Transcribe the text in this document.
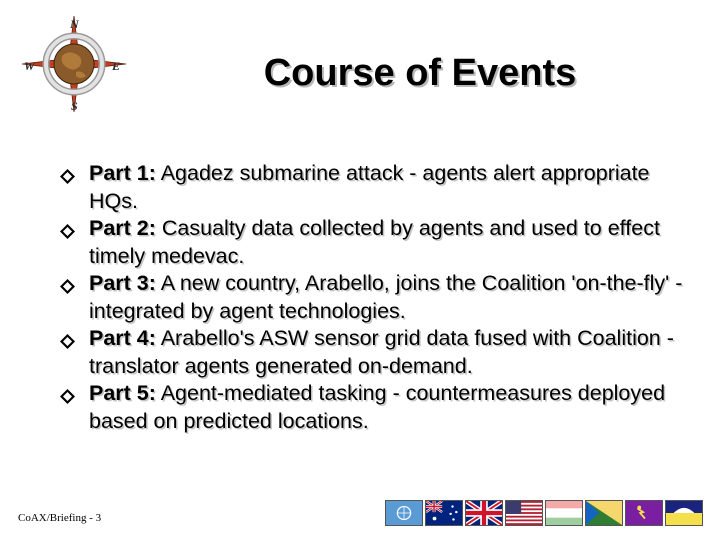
N
E
S
W	Course of Events
Part 1: Agadez submarine attack - agents alert appropriate HQs.
Part 2: Casualty data collected by agents and used to effect timely medevac.
Part 3: A new country, Arabello, joins the Coalition 'on-the-fly' - integrated by agent technologies.
Part 4: Arabello's ASW sensor grid data fused with Coalition - translator agents generated on-demand.
Part 5: Agent-mediated tasking - countermeasures deployed based on predicted locations.
CoAX/Briefing - 3
